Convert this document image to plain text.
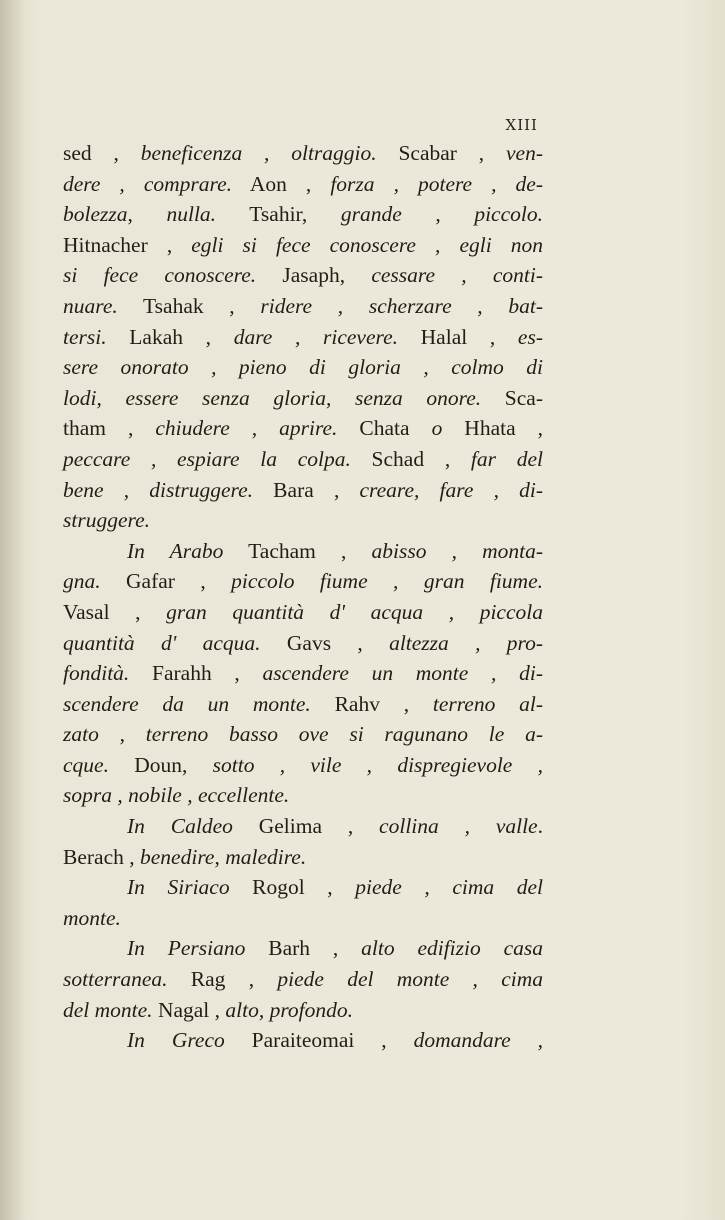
XIII
sed , beneficenza , oltraggio. Scabar , ven-
dere , comprare. Aon , forza , potere , de-
bolezza, nulla. Tsahir, grande , piccolo.
Hitnacher , egli si fece conoscere , egli non
si fece conoscere. Jasaph, cessare , conti-
nuare. Tsahak , ridere , scherzare , bat-
tersi. Lakah , dare , ricevere. Halal , es-
sere onorato , pieno di gloria , colmo di
lodi, essere senza gloria, senza onore. Sca-
tham , chiudere , aprire. Chata o Hhata ,
peccare , espiare la colpa. Schad , far del
bene , distruggere. Bara , creare, fare , di-
struggere.
In Arabo Tacham , abisso , monta-
gna. Gafar , piccolo fiume , gran fiume.
Vasal , gran quantità d' acqua , piccola
quantità d' acqua. Gavs , altezza , pro-
fondità. Farahh , ascendere un monte , di-
scendere da un monte. Rahv , terreno al-
zato , terreno basso ove si ragunano le a-
cque. Doun, sotto , vile , dispregievole ,
sopra , nobile , eccellente.
In Caldeo Gelima , collina , valle.
Berach , benedire, maledire.
In Siriaco Rogol , piede , cima del
monte.
In Persiano Barh , alto edifizio casa
sotterranea. Rag , piede del monte , cima
del monte. Nagal , alto, profondo.
In Greco Paraiteomai , domandare ,
